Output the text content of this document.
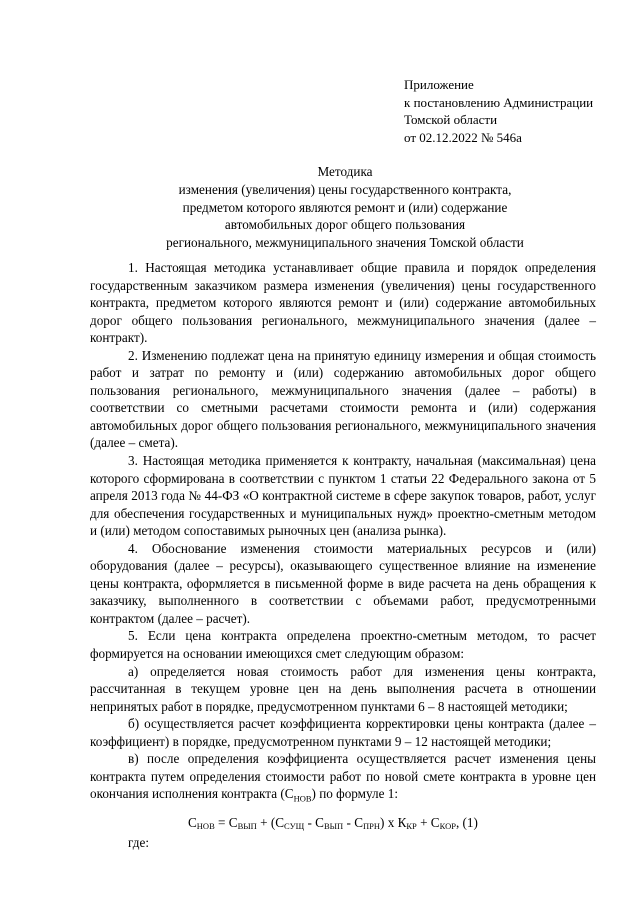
Приложение
к постановлению Администрации
Томской области
от 02.12.2022 № 546а
Методика
изменения (увеличения) цены государственного контракта,
предметом которого являются ремонт и (или) содержание
автомобильных дорог общего пользования
регионального, межмуниципального значения Томской области

1. Настоящая методика устанавливает общие правила и порядок определения государственным заказчиком размера изменения (увеличения) цены государственного контракта, предметом которого являются ремонт и (или) содержание автомобильных дорог общего пользования регионального, межмуниципального значения (далее – контракт).

2. Изменению подлежат цена на принятую единицу измерения и общая стоимость работ и затрат по ремонту и (или) содержанию автомобильных дорог общего пользования регионального, межмуниципального значения (далее – работы) в соответствии со сметными расчетами стоимости ремонта и (или) содержания автомобильных дорог общего пользования регионального, межмуниципального значения (далее – смета).

3. Настоящая методика применяется к контракту, начальная (максимальная) цена которого сформирована в соответствии с пунктом 1 статьи 22 Федерального закона от 5 апреля 2013 года № 44-ФЗ «О контрактной системе в сфере закупок товаров, работ, услуг для обеспечения государственных и муниципальных нужд» проектно-сметным методом и (или) методом сопоставимых рыночных цен (анализа рынка).

4. Обоснование изменения стоимости материальных ресурсов и (или) оборудования (далее – ресурсы), оказывающего существенное влияние на изменение цены контракта, оформляется в письменной форме в виде расчета на день обращения к заказчику, выполненного в соответствии с объемами работ, предусмотренными контрактом (далее – расчет).

5. Если цена контракта определена проектно-сметным методом, то расчет формируется на основании имеющихся смет следующим образом:

а) определяется новая стоимость работ для изменения цены контракта, рассчитанная в текущем уровне цен на день выполнения расчета в отношении непринятых работ в порядке, предусмотренном пунктами 6 – 8 настоящей методики;

б) осуществляется расчет коэффициента корректировки цены контракта (далее – коэффициент) в порядке, предусмотренном пунктами 9 – 12 настоящей методики;

в) после определения коэффициента осуществляется расчет изменения цены контракта путем определения стоимости работ по новой смете контракта в уровне цен окончания исполнения контракта $(С_{НОВ})$ по формуле 1:

$С_{НОВ} = С_{ВЫП} + (С_{СУЩ} - С_{ВЫП} - С_{ПРН})$ x $К_{КР} + С_{КОР}$, (1)
где:
